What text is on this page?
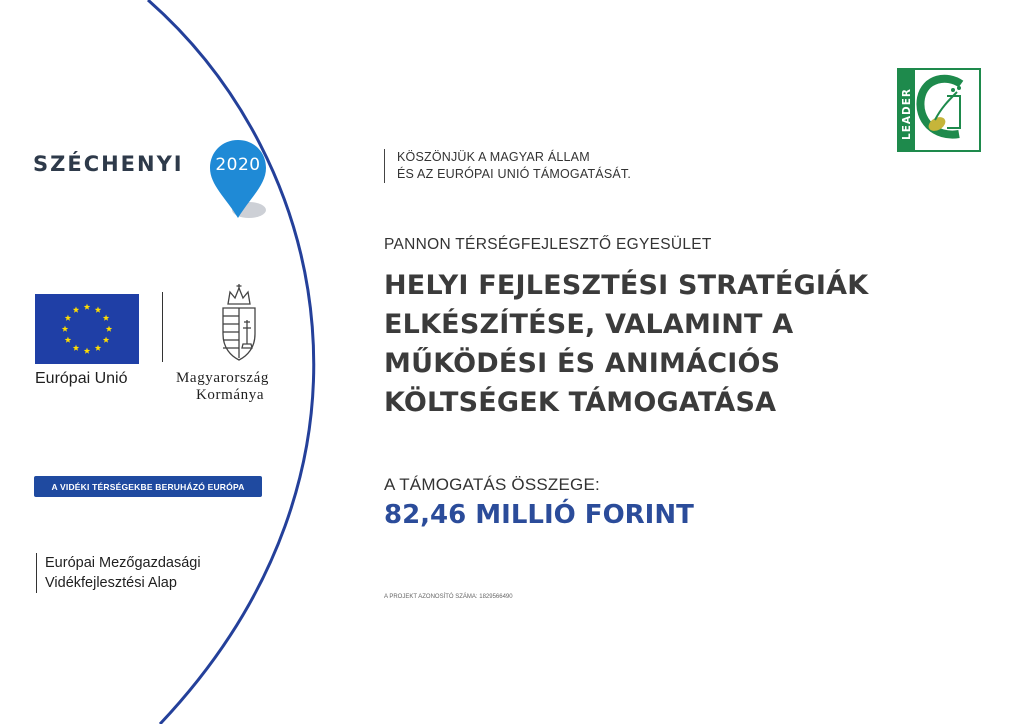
SZÉCHENYI	2020
Európai Unió	Magyarország
Kormánya
A VIDÉKI TÉRSÉGEKBE BERUHÁZÓ EURÓPA
Európai Mezőgazdasági
Vidékfejlesztési Alap
KÖSZÖNJÜK A MAGYAR ÁLLAM
ÉS AZ EURÓPAI UNIÓ TÁMOGATÁSÁT.
PANNON TÉRSÉGFEJLESZTŐ EGYESÜLET
HELYI FEJLESZTÉSI STRATÉGIÁK
ELKÉSZÍTÉSE, VALAMINT A
MŰKÖDÉSI ÉS ANIMÁCIÓS
KÖLTSÉGEK TÁMOGATÁSA
A TÁMOGATÁS ÖSSZEGE:
82,46 MILLIÓ FORINT
A PROJEKT AZONOSÍTÓ SZÁMA: 1829566490
LEADER
